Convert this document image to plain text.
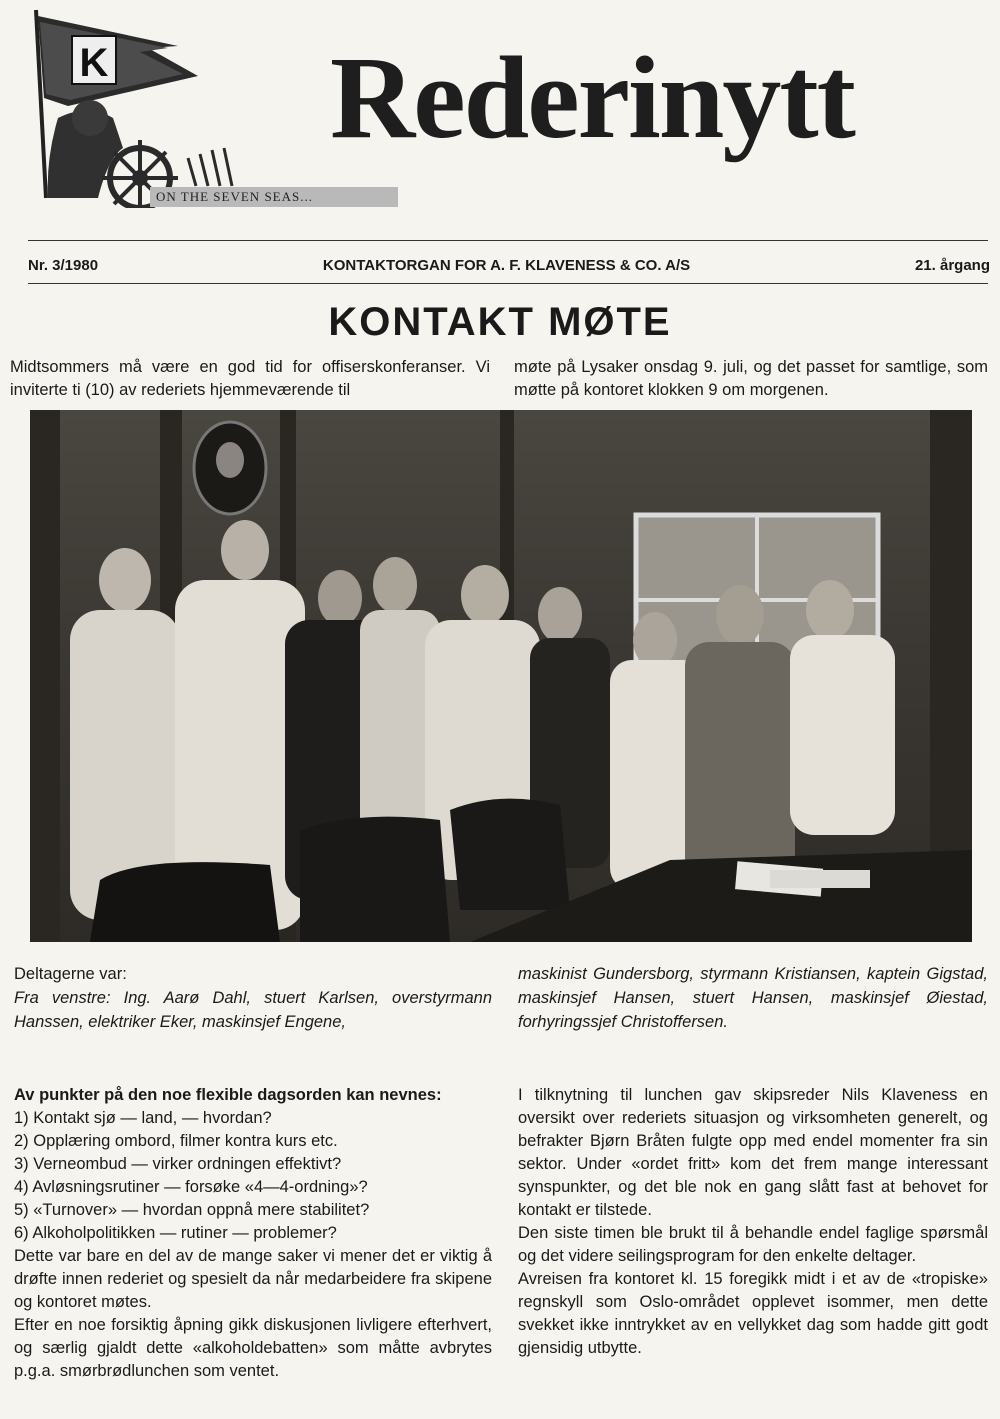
K
ON THE SEVEN SEAS...
Rederinytt
Nr. 3/1980	KONTAKTORGAN FOR A. F. KLAVENESS & CO. A/S	21. årgang
KONTAKT MØTE

Midtsommers må være en god tid for offiserskonferanser. Vi inviterte ti (10) av rederiets hjemmeværende til

møte på Lysaker onsdag 9. juli, og det passet for samtlige, som møtte på kontoret klokken 9 om morgenen.

Deltagerne var:

Fra venstre: Ing. Aarø Dahl, stuert Karlsen, overstyrmann Hanssen, elektriker Eker, maskinsjef Engene,

maskinist Gundersborg, styrmann Kristiansen, kaptein Gigstad, maskinsjef Hansen, stuert Hansen, maskinsjef Øiestad, forhyringssjef Christoffersen.

Av punkter på den noe flexible dagsorden kan nevnes:

1) Kontakt sjø — land, — hvordan?
2) Opplæring ombord, filmer kontra kurs etc.
3) Verneombud — virker ordningen effektivt?
4) Avløsningsrutiner — forsøke «4—4-ordning»?
5) «Turnover» — hvordan oppnå mere stabilitet?
6) Alkoholpolitikken — rutiner — problemer?

Dette var bare en del av de mange saker vi mener det er viktig å drøfte innen rederiet og spesielt da når medarbeidere fra skipene og kontoret møtes.

Efter en noe forsiktig åpning gikk diskusjonen livligere efterhvert, og særlig gjaldt dette «alkoholdebatten» som måtte avbrytes p.g.a. smørbrødlunchen som ventet.

I tilknytning til lunchen gav skipsreder Nils Klaveness en oversikt over rederiets situasjon og virksomheten generelt, og befrakter Bjørn Bråten fulgte opp med endel momenter fra sin sektor. Under «ordet fritt» kom det frem mange interessant synspunkter, og det ble nok en gang slått fast at behovet for kontakt er tilstede.

Den siste timen ble brukt til å behandle endel faglige spørsmål og det videre seilingsprogram for den enkelte deltager.

Avreisen fra kontoret kl. 15 foregikk midt i et av de «tropiske» regnskyll som Oslo-området opplevet isommer, men dette svekket ikke inntrykket av en vellykket dag som hadde gitt godt gjensidig utbytte.
